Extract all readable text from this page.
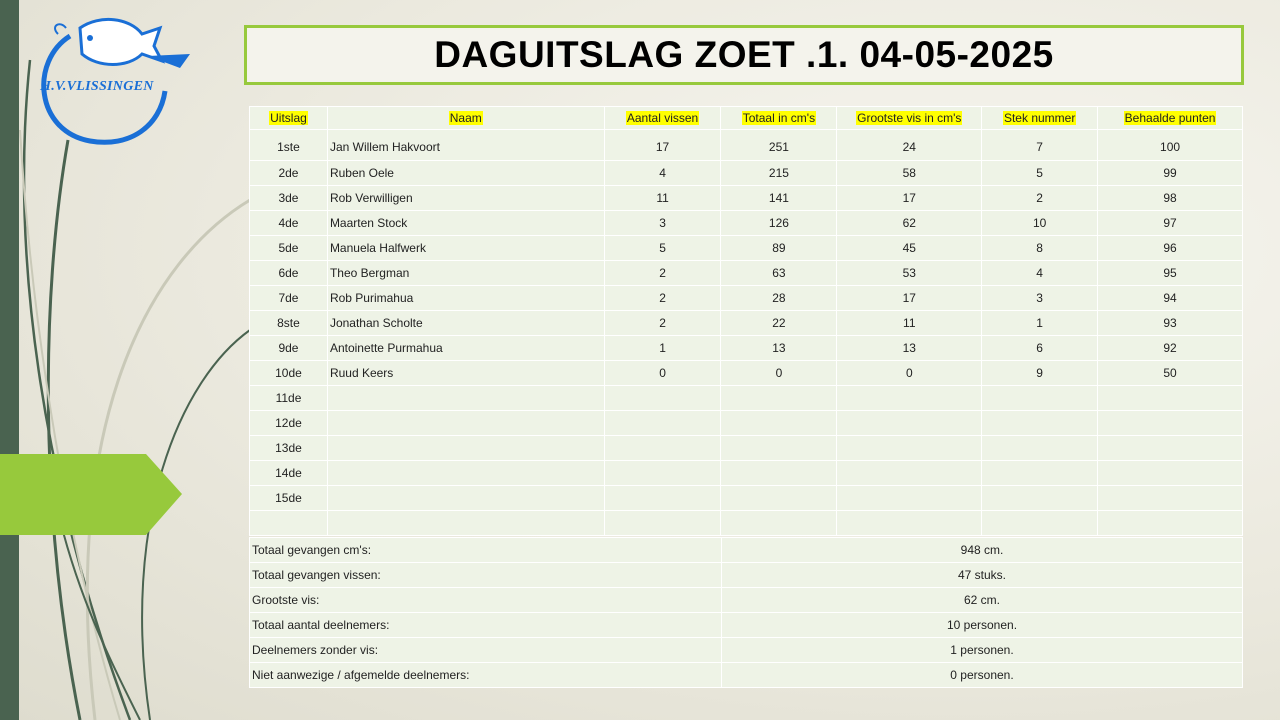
H.V.VLISSINGEN
DAGUITSLAG ZOET .1. 04-05-2025
Uitslag	Naam	Aantal vissen	Totaal in cm's	Grootste vis in cm's	Stek nummer	Behaalde punten
1ste	Jan Willem Hakvoort	17	251	24	7	100
2de	Ruben Oele	4	215	58	5	99
3de	Rob Verwilligen	11	141	17	2	98
4de	Maarten Stock	3	126	62	10	97
5de	Manuela Halfwerk	5	89	45	8	96
6de	Theo Bergman	2	63	53	4	95
7de	Rob Purimahua	2	28	17	3	94
8ste	Jonathan Scholte	2	22	11	1	93
9de	Antoinette Purmahua	1	13	13	6	92
10de	Ruud Keers	0	0	0	9	50
11de						
12de						
13de						
14de						
15de						

Totaal gevangen cm's:	948 cm.
Totaal gevangen vissen:	47 stuks.
Grootste vis:	62 cm.
Totaal aantal deelnemers:	10 personen.
Deelnemers zonder vis:	1 personen.
Niet aanwezige / afgemelde deelnemers:	0 personen.
